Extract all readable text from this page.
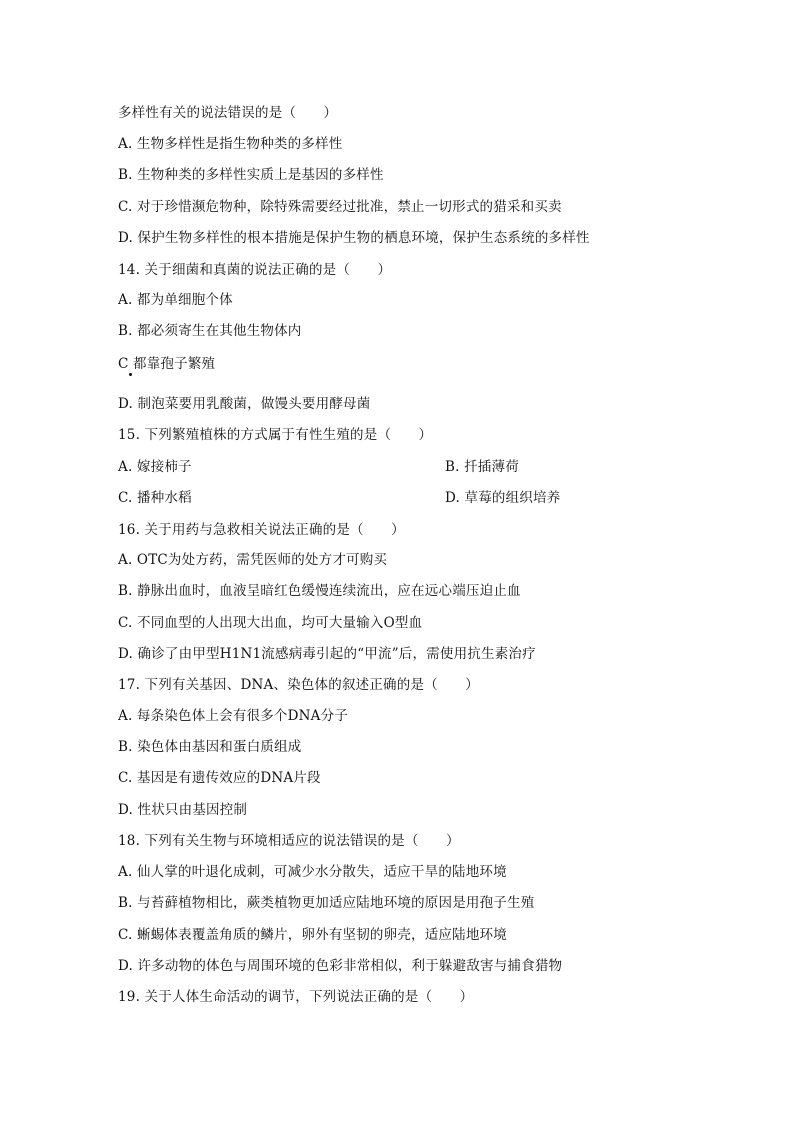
多样性有关的说法错误的是（　　）
A. 生物多样性是指生物种类的多样性
B. 生物种类的多样性实质上是基因的多样性
C. 对于珍惜濒危物种，除特殊需要经过批准，禁止一切形式的猎采和买卖
D. 保护生物多样性的根本措施是保护生物的栖息环境，保护生态系统的多样性
14. 关于细菌和真菌的说法正确的是（　　）
A. 都为单细胞个体
B. 都必须寄生在其他生物体内
C 都靠孢子繁殖
D. 制泡菜要用乳酸菌，做馒头要用酵母菌
15. 下列繁殖植株的方式属于有性生殖的是（　　）
A. 嫁接柿子	B. 扦插薄荷
C. 播种水稻	D. 草莓的组织培养
16. 关于用药与急救相关说法正确的是（　　）
A. OTC为处方药，需凭医师的处方才可购买
B. 静脉出血时，血液呈暗红色缓慢连续流出，应在远心端压迫止血
C. 不同血型的人出现大出血，均可大量输入O型血
D. 确诊了由甲型H1N1流感病毒引起的“甲流”后，需使用抗生素治疗
17. 下列有关基因、DNA、染色体的叙述正确的是（　　）
A. 每条染色体上会有很多个DNA分子
B. 染色体由基因和蛋白质组成
C. 基因是有遗传效应的DNA片段
D. 性状只由基因控制
18. 下列有关生物与环境相适应的说法错误的是（　　）
A. 仙人掌的叶退化成刺，可减少水分散失，适应干旱的陆地环境
B. 与苔藓植物相比，蕨类植物更加适应陆地环境的原因是用孢子生殖
C. 蜥蜴体表覆盖角质的鳞片，卵外有坚韧的卵壳，适应陆地环境
D. 许多动物的体色与周围环境的色彩非常相似，利于躲避敌害与捕食猎物
19. 关于人体生命活动的调节，下列说法正确的是（　　）
